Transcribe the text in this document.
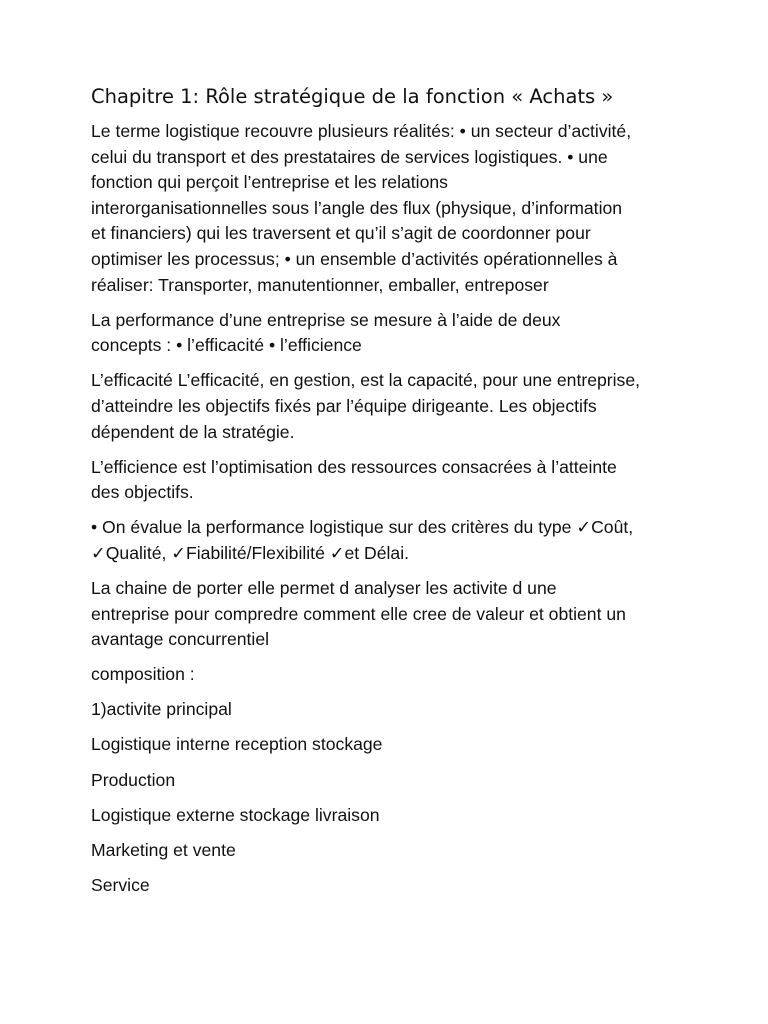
Chapitre 1: Rôle stratégique de la fonction « Achats »

Le terme logistique recouvre plusieurs réalités: • un secteur d’activité,
celui du transport et des prestataires de services logistiques. • une
fonction qui perçoit l’entreprise et les relations
interorganisationnelles sous l’angle des flux (physique, d’information
et financiers) qui les traversent et qu’il s’agit de coordonner pour
optimiser les processus; • un ensemble d’activités opérationnelles à
réaliser: Transporter, manutentionner, emballer, entreposer

La performance d’une entreprise se mesure à l’aide de deux
concepts : • l’efficacité • l’efficience

L’efficacité L’efficacité, en gestion, est la capacité, pour une entreprise,
d’atteindre les objectifs fixés par l’équipe dirigeante. Les objectifs
dépendent de la stratégie.

L’efficience est l’optimisation des ressources consacrées à l’atteinte
des objectifs.

• On évalue la performance logistique sur des critères du type ✓Coût,
✓Qualité, ✓Fiabilité/Flexibilité ✓et Délai.

La chaine de porter elle permet d analyser les activite d une
entreprise pour compredre comment elle cree de valeur et obtient un
avantage concurrentiel

composition :

1)activite principal

Logistique interne reception stockage

Production

Logistique externe stockage livraison

Marketing et vente

Service
